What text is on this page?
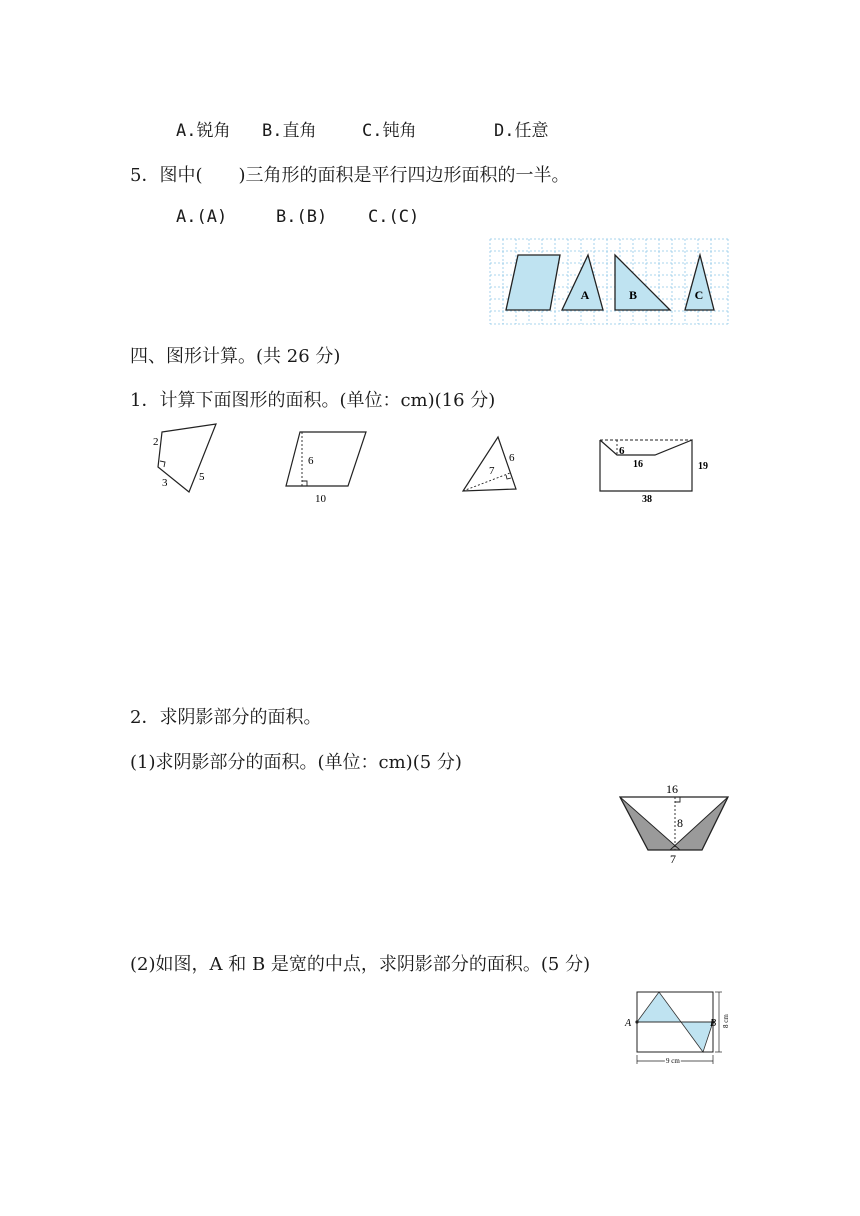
A.锐角 B.直角	C.钝角	D.任意
5．图中(　　)三角形的面积是平行四边形面积的一半。
A.(A)	B.(B) C.(C)
A	B	C
四、图形计算。(共 26 分)
1．计算下面图形的面积。(单位：cm)(16 分)
2
3	5
6
10
7
6
6
16	19
38
2．求阴影部分的面积。
(1)求阴影部分的面积。(单位：cm)(5 分)
16
8
7
(2)如图，A 和 B 是宽的中点，求阴影部分的面积。(5 分)
A	B 8 cm
9 cm
